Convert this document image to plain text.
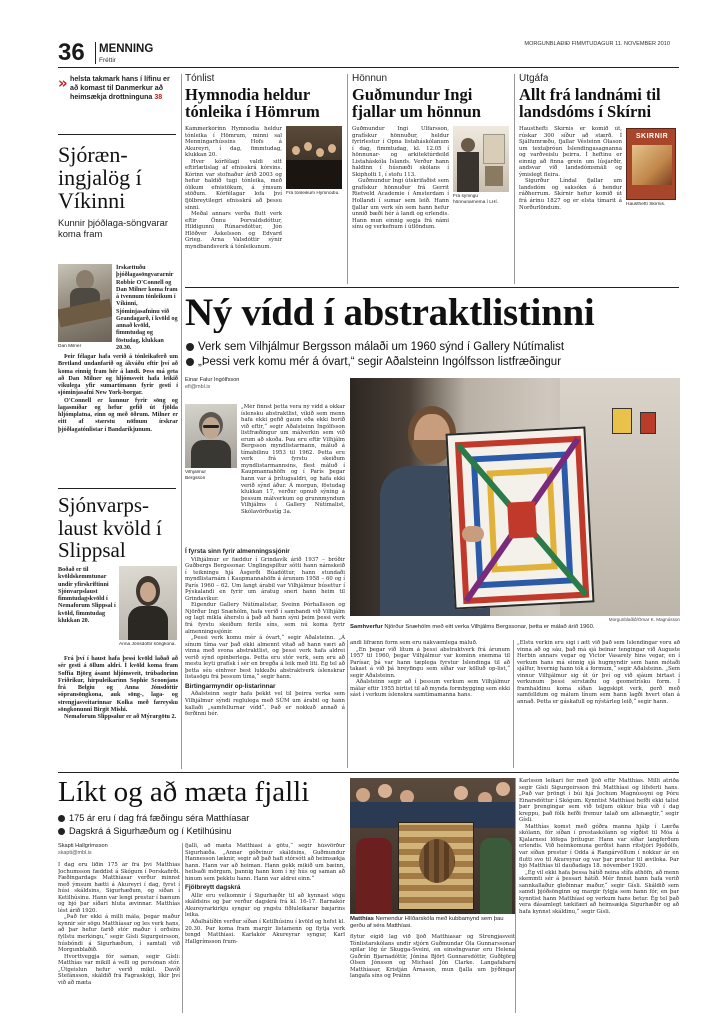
36 MENNING
Fréttir
MORGUNBLAÐIÐ FIMMTUDAGUR 11. NÓVEMBER 2010
» helsta takmark hans í lífinu er að komast til Danmerkur að heimsækja drottninguna 38
Sjóræn-ingjalög í Víkinni
Kunnir þjóðlaga-söngvarar koma fram
Dan Milner

Írskættuðu þjóðlagasöngvararnir Robbie O'Connell og Dan Milner koma fram á tvennum tónleikum í Víkinni, Sjóminjasafninu við Grandagarð, í kvöld og annað kvöld, fimmtudag og föstudag, klukkan 20.30.

Þeir félagar hafa verið á tónleikaferð um Bretland undanfarið og ákváðu eftir því að koma einnig fram hér á landi. Þess má geta að Dan Milner og hljómsveit hafa leikið víkulega yfir sumartímann fyrir gesti í sjóminjasafni New York-borgar.

O'Connell er kunnur fyrir söng og lagasmíðar og hefur gefið út fjölda hljómplatna, einn og með öðrum. Milner er eitt af stærstu nöfnum írskrar þjóðlagatónlistar í Bandaríkjunum.

Sjónvarps-laust kvöld í Slippsal

Boðað er til kvöldskemmtunar undir yfirskriftinni Sjónvarpslaust fimmtudagskvöld í Nemaforum Slippsal í kvöld, fimmtudag klukkan 20.

Anna Jónsdóttir söngkona.

Frá því í haust hafa þessi kvöld laðað að sér gesti á öllum aldri. Í kvöld koma fram Soffía Björg ásamt hljómsveit, trúbadorinn Friðrikur, hirpuleikarinn Sophie Scoonjans frá Belgíu og Anna Jónsdóttir sópransöngkona, auk söng-, laga- og strengjasveitarinnar Kolka með færeysku söngkonunni Birgit Mishi.

Nemaforum Slippsalur er að Mýrargötu 2.

Tónlist
Hymnodia heldur tónleika í Hömrum

Kammerkórinn Hymnodia heldur tónleika í Hömrum, minni sal Menningarhússins Hofs á Akureyri, í dag, fimmtudag, klukkan 20.

Hver kórfélagi valdi sitt eftirlætislag af efnisskrá kórsins. Kórinn var stofnaður árið 2003 og hefur haldið tugi tónleika, með ólíkum efnistökum, á ýmsum stöðum. Kórfélagar lofa því fjölbreytilegri efnisskrá að þessu sinni.

Meðal annars verða flutt verk eftir Önnu Þorvaldsdóttur, Hildigunni Rúnarsdóttur, Jón Hlöðver Áskelsson og Edvard Grieg. Arna Valsdóttir sýnir myndbandsverk á tónleikunum.

Frá tónleikum Hymnodíu.
Hönnun
Guðmundur Ingi fjallar um hönnun

Guðmundur Ingi Úlfarsson, grafískur hönnuður, heldur fyrirlestur í Opna listaháskólanum í dag, fimmtudag, kl. 12.05 í hönnunar- og arkitektúrdeild Listaháskóla Íslands. Verður hann haldinn í húsnæði skólans í Skipholti 1, í stofu 113.

Guðmundur Ingi útskrifaðist sem grafískur hönnuður frá Gerrit Rietveld Academie í Amsterdam í Hollandi í sumar sem leið. Hann fjallar um verk sín sem hann hefur unnið bæði hér á landi og erlendis. Hann mun einnig segja frá námi sínu og verkefnum í útlöndum.

Frá sýningu hönnunarnema í LHÍ.
Útgáfa
Allt frá landnámi til landsdóms í Skírni

Haustheftí Skírnis er komið út, rúskar 300 síður að stærð. Í Sjálfumræðu, fjallar Vésteinn Ólason um textaþróun Íslendingasagnanna og varðveislu þeirra. Í heftinu er einnig að finna grein um lúsjarðir, andsvar við landsdómsmáli og ýmislegt fleira.

Sigurður Líndal fjallar um landsdóm og saksókn á hendur ráðherrum. Skírnir hefur komið út frá árinu 1827 og er elsta tímarit á Norðurlöndum.

SKÍRNIR
Haustheftí Skírnis.
Ný vídd í abstraktlistinni
Verk sem Vilhjálmur Bergsson málaði um 1960 sýnd í Gallery Nútímalist
„Þessi verk komu mér á óvart,“ segir Aðalsteinn Ingólfsson listfræðingur
Einar Falur Ingólfsson
efi@mbl.is
Vilhjálmur Bergsson

„Mér finnst þetta vera ný vídd á okkar íslensku abstraktlist, víkið sem menn hafa ekki gefið gaum eða ekki borið við eftir,“ segir Aðalsteinn Ingólfsson listfræðingur um málverkin sem við erum að skoða. Þau eru eftir Vilhjálm Bergsson myndlistarmann, máluð á tímabilinu 1953 til 1962. Þetta eru verk frá fyrstu skeiðum myndlistarmannsins, flest máluð í Kaupmannahöfn og í París þegar hann var á þrítugsaldri, og hafa ekki verið sýnd áður. Á morgun, föstudag klukkan 17, verður opnuð sýning á þessum málverkum og grunnmyndum Vilhjálms í Gallery Nútímalist, Skólavörðustíg 3a.

Í fyrsta sinn fyrir almenningssjónir

Vilhjálmur er fæddur í Grindavík árið 1937 – bróðir Guðbergs Bergssonar. Unglingspiltur sótti hann námskeið í teikningu hjá Ásgerði Búadóttur, hann stundaði myndlistarnám í Kaupmannahöfn á árunum 1958 – 60 og í París 1960 – 62. Um langt árabil var Vilhjálmur búsettur í Þýskalandi en fyrir um áratug sneri hann heim til Grindavíkur.

Eigendur Gallery Nútímalistar, Sveinn Þórhallsson og Njörður Ingi Snæhólm, hafa verið í sambandi við Vilhjálm og lagt mikla áherslu á það að hann sýni þeim þessi verk frá fyrstu skeiðum ferils síns, sem nú koma fyrir almenningssjónir.

„Þessi verk komu mér á óvart,“ segir Aðalsteinn. „Á sínum tíma var það ekki almennt vitað að hann væri að vinna með svona abstraktlist, og þessi verk hafa aldrei verið sýnd opinberlega. Þetta eru stór verk, sem eru að mestu leyti grafísk í sér en bregða á leik með liti. Ég tel að þetta séu einhver best lukkuðu abstraktverk íslenskrar listasögu frá þessum tíma,“ segir hann.

Birtingarmyndir op-listarinnar

Aðalsteinn segir hafa þekkt vel til þeirra verka sem Vilhjálmur sýndi reglulega með SÚM um árabil og hann kallaði „samfellurnar vídd“. Það er nokkuð annað á ferðinni hér.

Morgunblaðið/Ómar K. Magnússon
Samhverfur Njörður Snæhólm með eitt verka Vilhjálms Bergssonar, þetta er málað árið 1960.

andi lífrænn form sem eru nákvæmlega máluð.

„En þegar við lítum á þessi abstraktverk frá árunum 1957 til 1960, þegar Vilhjálmur var kominn snemma til Parísar, þá var hann tæplega fyrstur Íslendinga til að takast á við þá hreyfingu sem síðar var kölluð op-list,“ segir Aðalsteinn.

Aðalsteinn segir að í þessum verkum sem Vilhjálmur málar eftir 1955 birtist til að mynda formbygging sem ekki sást í verkum íslenskra samtímamanna hans.

„Elstu verkin eru sígi í ætt við það sem Íslendingar voru að vinna að og sáu, það má sjá beinar tengingar við Auguste Herbin annars vegar og Victor Vasarely hins vegar, en í verkum hans má einnig sjá hugmyndir sem hann mótaði sjálfur, hvernig hann tók á formum,“ segir Aðalsteinn. „Sem vinnur Vilhjálmur sig út úr því og við sjáum birtast í verkunum þessi sérstæðu og geometrísku form. Í framhaldinu koma síðan laggskipt verk, gerð með samfelldum og málum línum sem hann lagði hvert ofan á annað. Þetta er gáskafull og nýstárleg leið,“ segir hann.

Líkt og að mæta fjalli
175 ár eru í dag frá fæðingu séra Matthíasar
Dagskrá á Sigurhæðum og í Ketilhúsinu
Skapti Hallgrímsson
skapti@mbl.is

Í dag eru liðin 175 ár frá því Matthías Jochumsson fæddist á Skógum í Þorskafirði. Fæðingardags Matthíasar verður minnst með ýmsum hætti á Akureyri í dag, fyrst í húsi skáldsins, Sigurhæðum, og síðan í Ketilhúsinu. Hann var lengi prestur í bænum og bjó þar síðari hluta ævinnar. Matthías lést árið 1920.

„Það fer ekki á milli mála, þegar maður kynnir sér sögu Matthíasar og les verk hans, að þar hefur farið stór maður í orðsins fyllstu merkingu,“ segir Gísli Sigurgeirsson, húsbóndi á Sigurhæðum, í samtali við Morgunblaðið.

Hvorttveggja fór saman, segir Gísli: Matthías var mikill á velli og persónan stór. „Útgeislun hefur verið mikil. Davíð Stefánsson, skáldið frá Fagraskógi, líkir því við að mæta

fjalli, að mæta Matthíasi á götu,“ segir húsvörður Sigurhæða. „Annar góðvinur skáldsins, Guðmundur Hannesson læknir, segir að það hafi stórsótt að heimsækja hann. Hann var að heiman. Hann gekk mikið um bæinn, heilsaði mörgum, þannig hann kom í ný hús og saman að hinum sem þekktu hann. Hann var aldrei einn.“

Fjölbreytt dagskrá

Allir eru velkomnir í Sigurhæðir til að kynnast sögu skáldsins og þar verður dagskrá frá kl. 16-17. Barnakór Akureyrarkirkju syngur og yngstu fiðluleikarar bæjarins leika.

Aðalhátíðin verður síðan í Ketilhúsinu í kvöld og hefst kl. 20.30. Þar koma fram margir listamenn og flytja verk tengd Matthíasi. Karlakór Akureyrar syngur, Karl Hallgrímsson frum-

Matthías Nemendur Hlíðarskóla með kubbamynd sem þau gerðu af séra Matthíasi.

flytur eigið lag við ljóð Matthíasar og Strengjasveit Tónlistarskólans undir stjórn Guðmundar Óla Gunnarssonar spilar lög úr Skugga-Sveini, en einsöngvarar eru Helena Guðrún Bjarnadóttir, Jónína Björt Gunnarsdóttir, Guðbjörg Ólsen Jónsson og Michael Jón Clarke. Langafabarn Matthíasar, Kristján Árnason, mun fjalla um þýðingar langafa síns og Þráinn

Karlsson leikari fer með ljóð eftir Matthías. Milli atriða segir Gísli Sigurgeirsson frá Matthíasi og lífsferli hans. „Það var þröngt í búi hjá Jochum Magnússyni og Þóru Einarsdóttur í Skógum. Kynntist Matthíasi hefði ekki talist þær þrengingar sem við teljum okkur búa við í dag kreppu, það fólk hefði fremur talað um allsnægtir,“ segir Gísli.

Matthías komst með góðra manna hjálp í Lærða skólann, fór síðan í prestaskólann og vígðist til Móa á Kjalarnesi löfega þrítugur. Hann var síðar langferðum erlendis. Við heimkomuna gerðist hann ritstjóri Þjóðólfs, var síðan prestur í Odda á Rangárvöllum í nokkur ár en flutti svo til Akureyrar og var þar prestur til æviloka. Þar bjó Matthías til dauðadags 18. nóvember 1920.

„Ég vil ekki hafa þessa hátíð neina stífa athöfn, að menn skemmti sér á þessari hátíð. Mér finnst hann hafa verið sannkallaður gleðinnar maður,“ segir Gísli. Skáldið sem samdi þjóðsönginn og margir fylgja sem hann fór, en þar kynntist hann Matthíasi og verkum hans betur. Ég tel það vera dásamlegt tækifæri að heimsækja Sigurhæðir og að hafa kynnst skáldinu,“ segir Gísli.
